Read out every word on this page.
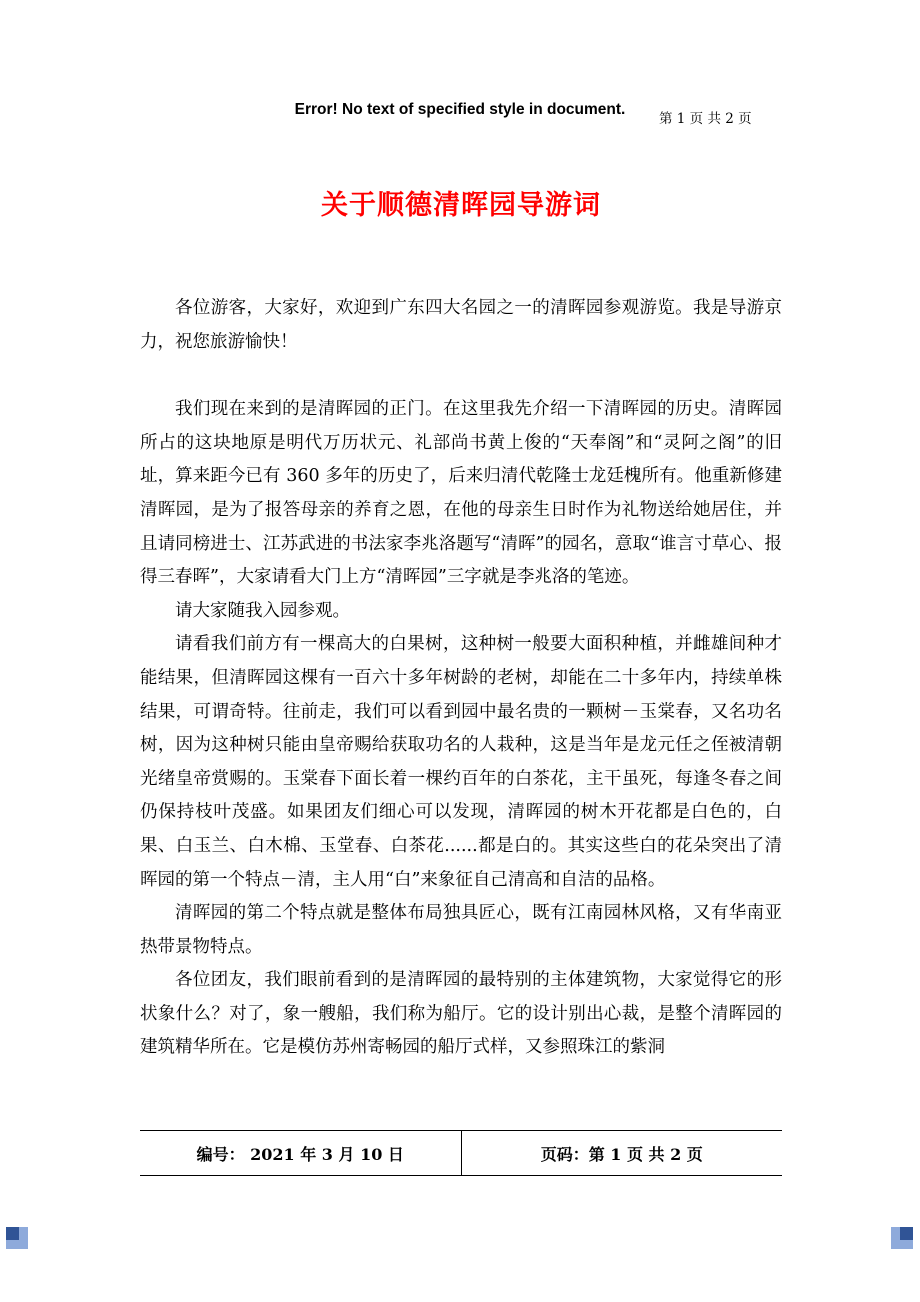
Error! No text of specified style in document.
第 1 页 共 2 页
关于顺德清晖园导游词

各位游客，大家好，欢迎到广东四大名园之一的清晖园参观游览。我是导游京力，祝您旅游愉快！

我们现在来到的是清晖园的正门。在这里我先介绍一下清晖园的历史。清晖园所占的这块地原是明代万历状元、礼部尚书黄上俊的“天奉阁”和“灵阿之阁”的旧址，算来距今已有 360 多年的历史了，后来归清代乾隆士龙廷槐所有。他重新修建清晖园，是为了报答母亲的养育之恩，在他的母亲生日时作为礼物送给她居住，并且请同榜进士、江苏武进的书法家李兆洛题写“清晖”的园名，意取“谁言寸草心、报得三春晖”，大家请看大门上方“清晖园”三字就是李兆洛的笔迹。

请大家随我入园参观。

请看我们前方有一棵高大的白果树，这种树一般要大面积种植，并雌雄间种才能结果，但清晖园这棵有一百六十多年树龄的老树，却能在二十多年内，持续单株结果，可谓奇特。往前走，我们可以看到园中最名贵的一颗树－玉棠春，又名功名树，因为这种树只能由皇帝赐给获取功名的人栽种，这是当年是龙元任之侄被清朝光绪皇帝赏赐的。玉棠春下面长着一棵约百年的白茶花，主干虽死，每逢冬春之间仍保持枝叶茂盛。如果团友们细心可以发现，清晖园的树木开花都是白色的，白果、白玉兰、白木棉、玉堂春、白茶花......都是白的。其实这些白的花朵突出了清晖园的第一个特点－清，主人用“白”来象征自己清高和自洁的品格。

清晖园的第二个特点就是整体布局独具匠心，既有江南园林风格，又有华南亚热带景物特点。

各位团友，我们眼前看到的是清晖园的最特别的主体建筑物，大家觉得它的形状象什么？对了，象一艘船，我们称为船厅。它的设计别出心裁，是整个清晖园的建筑精华所在。它是模仿苏州寄畅园的船厅式样，又参照珠江的紫洞

编号： 2021 年 3 月 10 日	页码：第 1 页 共 2 页
